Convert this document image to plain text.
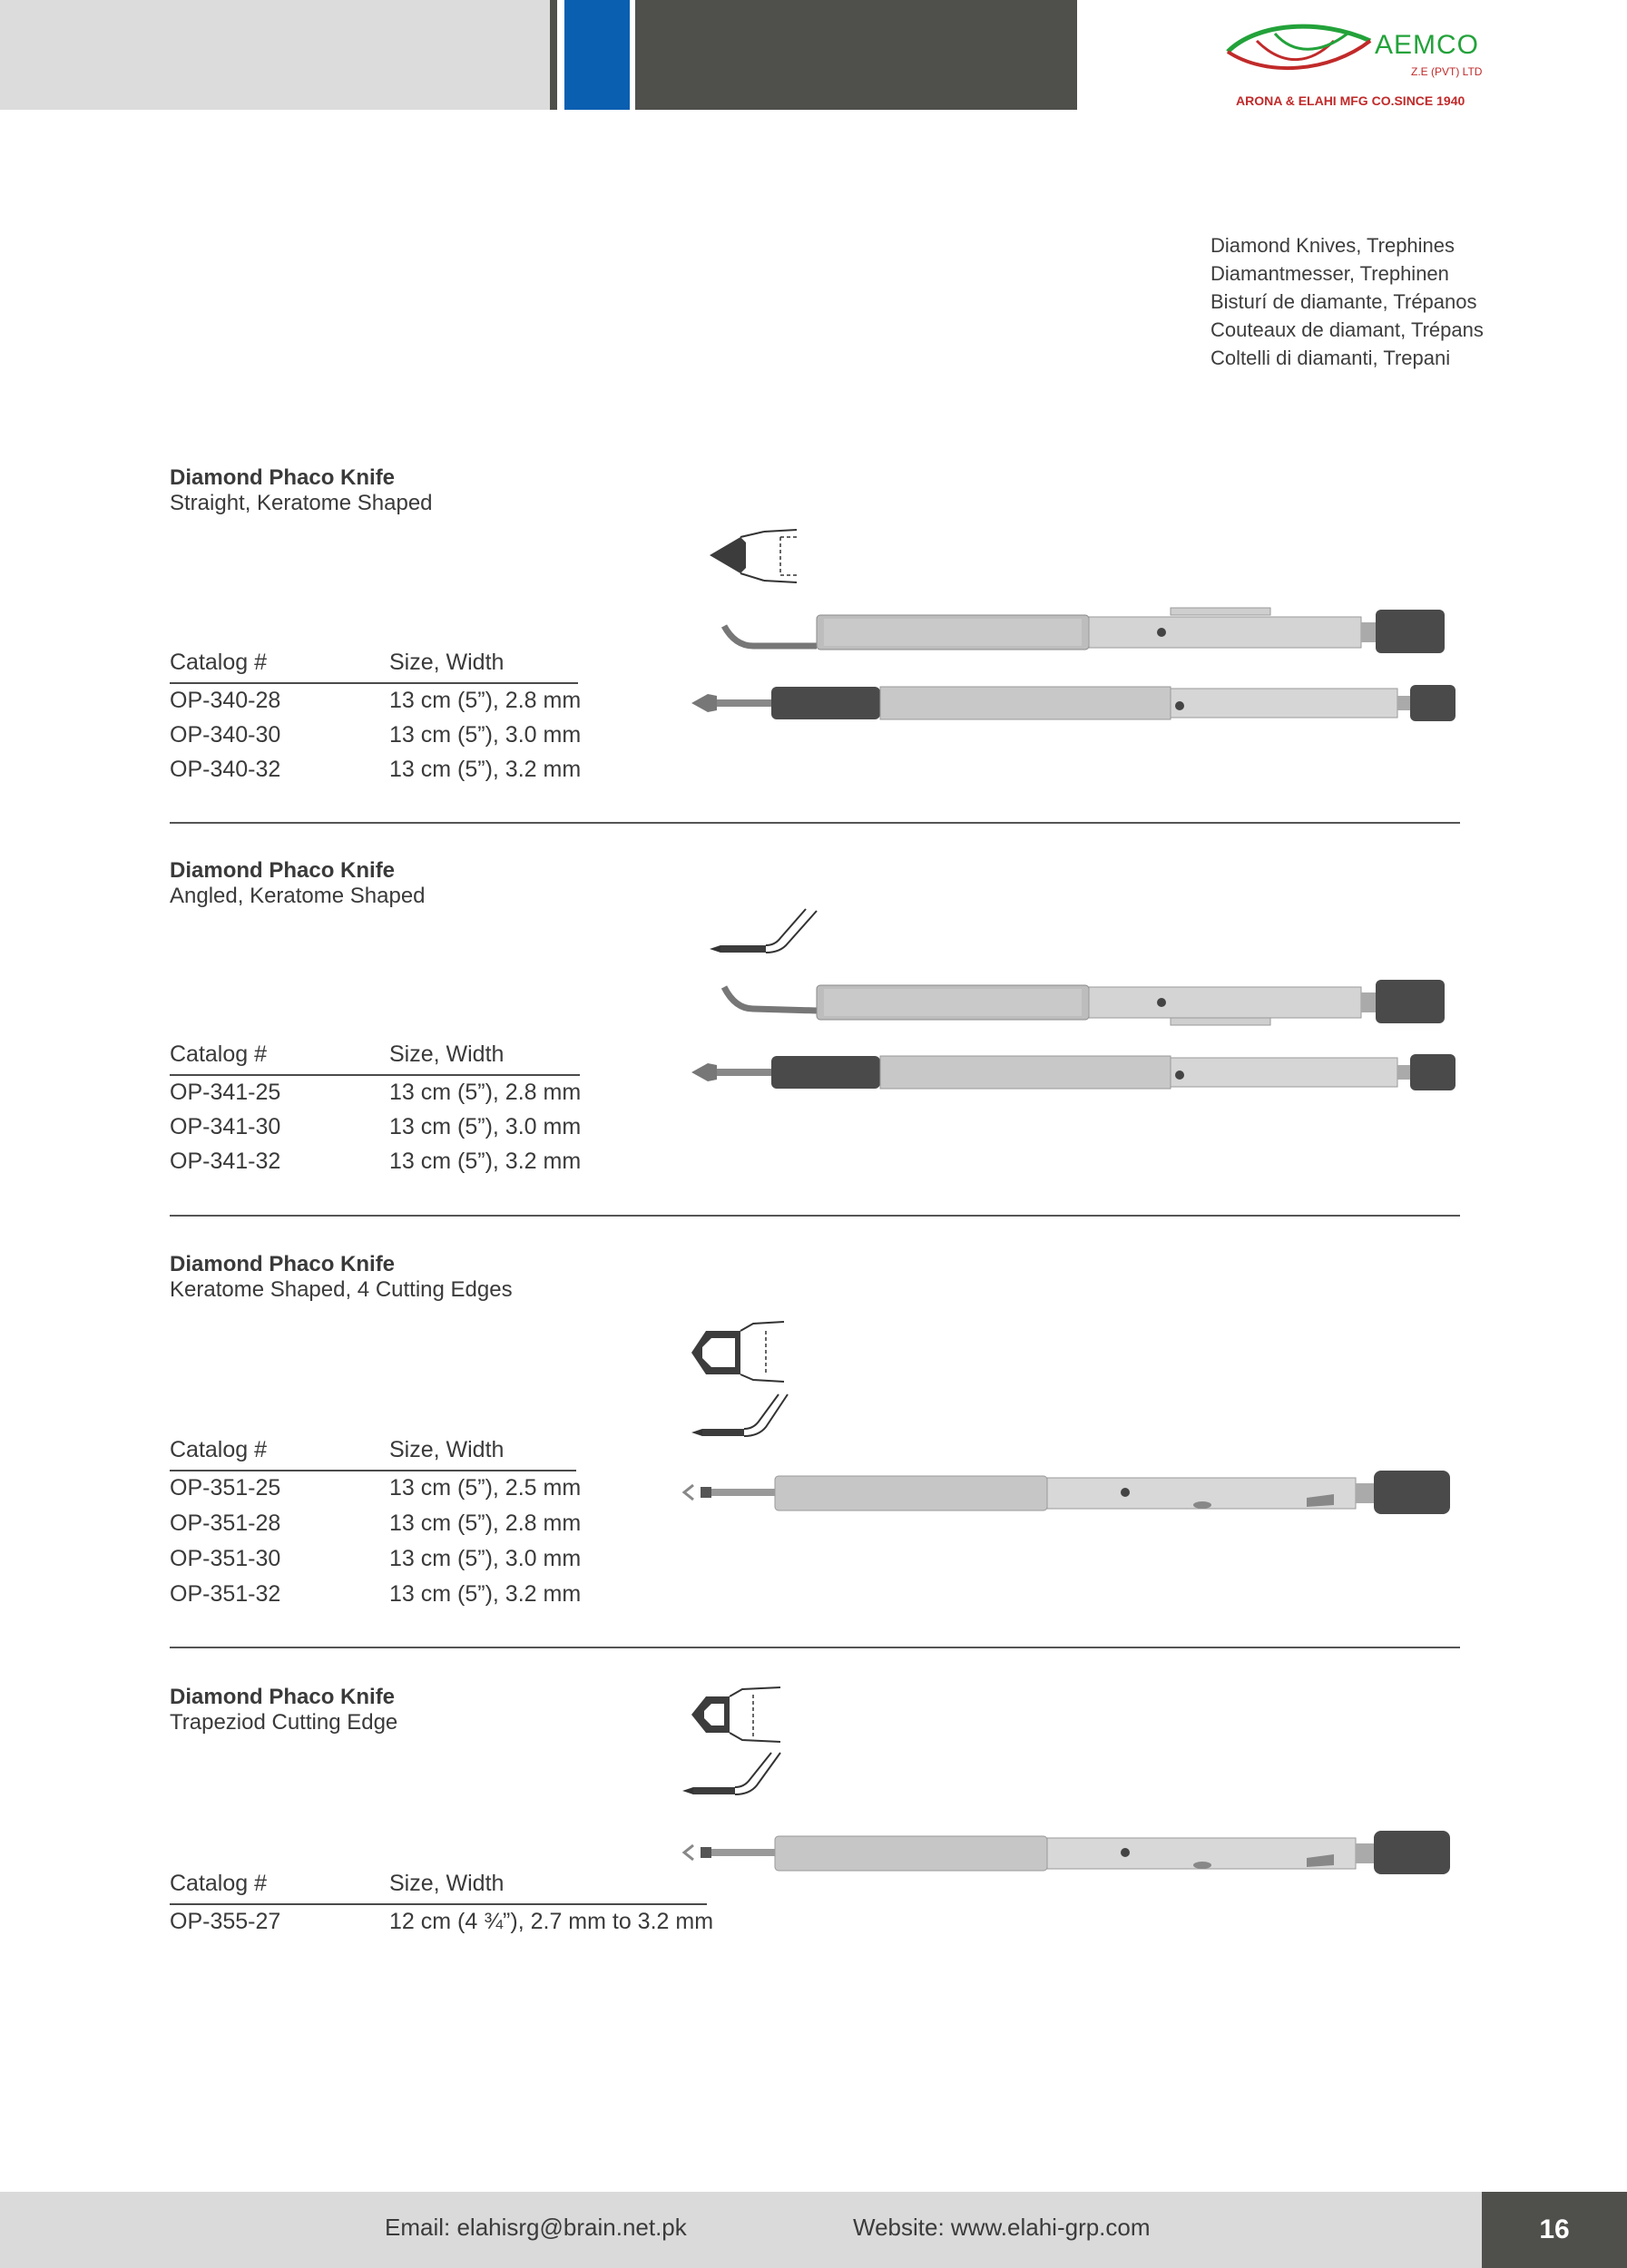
AEMCO
Z.E (PVT) LTD
ARONA & ELAHI MFG CO.SINCE 1940
Diamond Knives, Trephines
Diamantmesser, Trephinen
Bisturí de diamante, Trépanos
Couteaux de diamant, Trépans
Coltelli di diamanti, Trepani
Diamond Phaco Knife
Straight, Keratome Shaped
Catalog #	Size, Width
OP-340-28	13 cm (5”), 2.8 mm
OP-340-30	13 cm (5”), 3.0 mm
OP-340-32	13 cm (5”), 3.2 mm
Diamond Phaco Knife
Angled, Keratome Shaped
Catalog #	Size, Width
OP-341-25	13 cm (5”), 2.8 mm
OP-341-30	13 cm (5”), 3.0 mm
OP-341-32	13 cm (5”), 3.2 mm
Diamond Phaco Knife
Keratome Shaped, 4 Cutting Edges
Catalog #	Size, Width
OP-351-25	13 cm (5”), 2.5 mm
OP-351-28	13 cm (5”), 2.8 mm
OP-351-30	13 cm (5”), 3.0 mm
OP-351-32	13 cm (5”), 3.2 mm
Diamond Phaco Knife
Trapeziod Cutting Edge
Catalog #	Size, Width
OP-355-27	12 cm (4 ¾”), 2.7 mm to 3.2 mm
Email: elahisrg@brain.net.pk	Website: www.elahi-grp.com	16
